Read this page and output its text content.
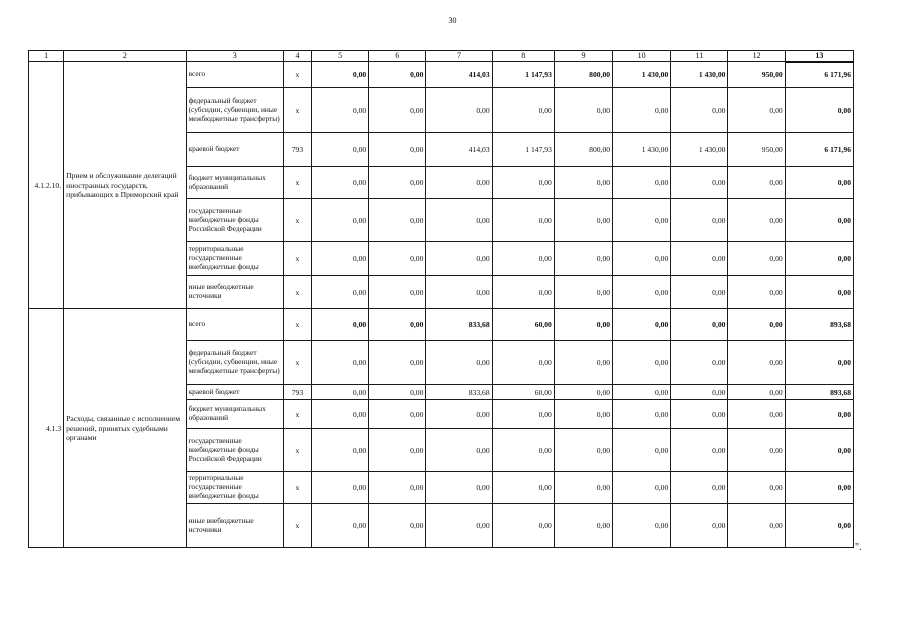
30
1	2	3	4	5	6	7	8	9	10	11	12	13
4.1.2.10.	Прием и обслуживание делегаций иностранных государств, прибывающих в Приморский край	всего	x	0,00	0,00	414,03	1 147,93	800,00	1 430,00	1 430,00	950,00	6 171,96
		федеральный бюджет (субсидии, субвенции, иные межбюджетные трансферты)	x	0,00	0,00	0,00	0,00	0,00	0,00	0,00	0,00	0,00
		краевой бюджет	793	0,00	0,00	414,03	1 147,93	800,00	1 430,00	1 430,00	950,00	6 171,96
		бюджет муниципальных образований	x	0,00	0,00	0,00	0,00	0,00	0,00	0,00	0,00	0,00
		государственные внебюджетные фонды Российской Федерации	x	0,00	0,00	0,00	0,00	0,00	0,00	0,00	0,00	0,00
		территориальные государственные внебюджетные фонды	x	0,00	0,00	0,00	0,00	0,00	0,00	0,00	0,00	0,00
		иные внебюджетные источники	x	0,00	0,00	0,00	0,00	0,00	0,00	0,00	0,00	0,00
4.1.3	Расходы, связанные с исполнением решений, принятых судебными органами	всего	x	0,00	0,00	833,68	60,00	0,00	0,00	0,00	0,00	893,68
		федеральный бюджет (субсидии, субвенции, иные межбюджетные трансферты)	x	0,00	0,00	0,00	0,00	0,00	0,00	0,00	0,00	0,00
		краевой бюджет	793	0,00	0,00	833,68	60,00	0,00	0,00	0,00	0,00	893,68
		бюджет муниципальных образований	x	0,00	0,00	0,00	0,00	0,00	0,00	0,00	0,00	0,00
		государственные внебюджетные фонды Российской Федерации	x	0,00	0,00	0,00	0,00	0,00	0,00	0,00	0,00	0,00
		территориальные государственные внебюджетные фонды	x	0,00	0,00	0,00	0,00	0,00	0,00	0,00	0,00	0,00
		иные внебюджетные источники	x	0,00	0,00	0,00	0,00	0,00	0,00	0,00	0,00	0,00
".
